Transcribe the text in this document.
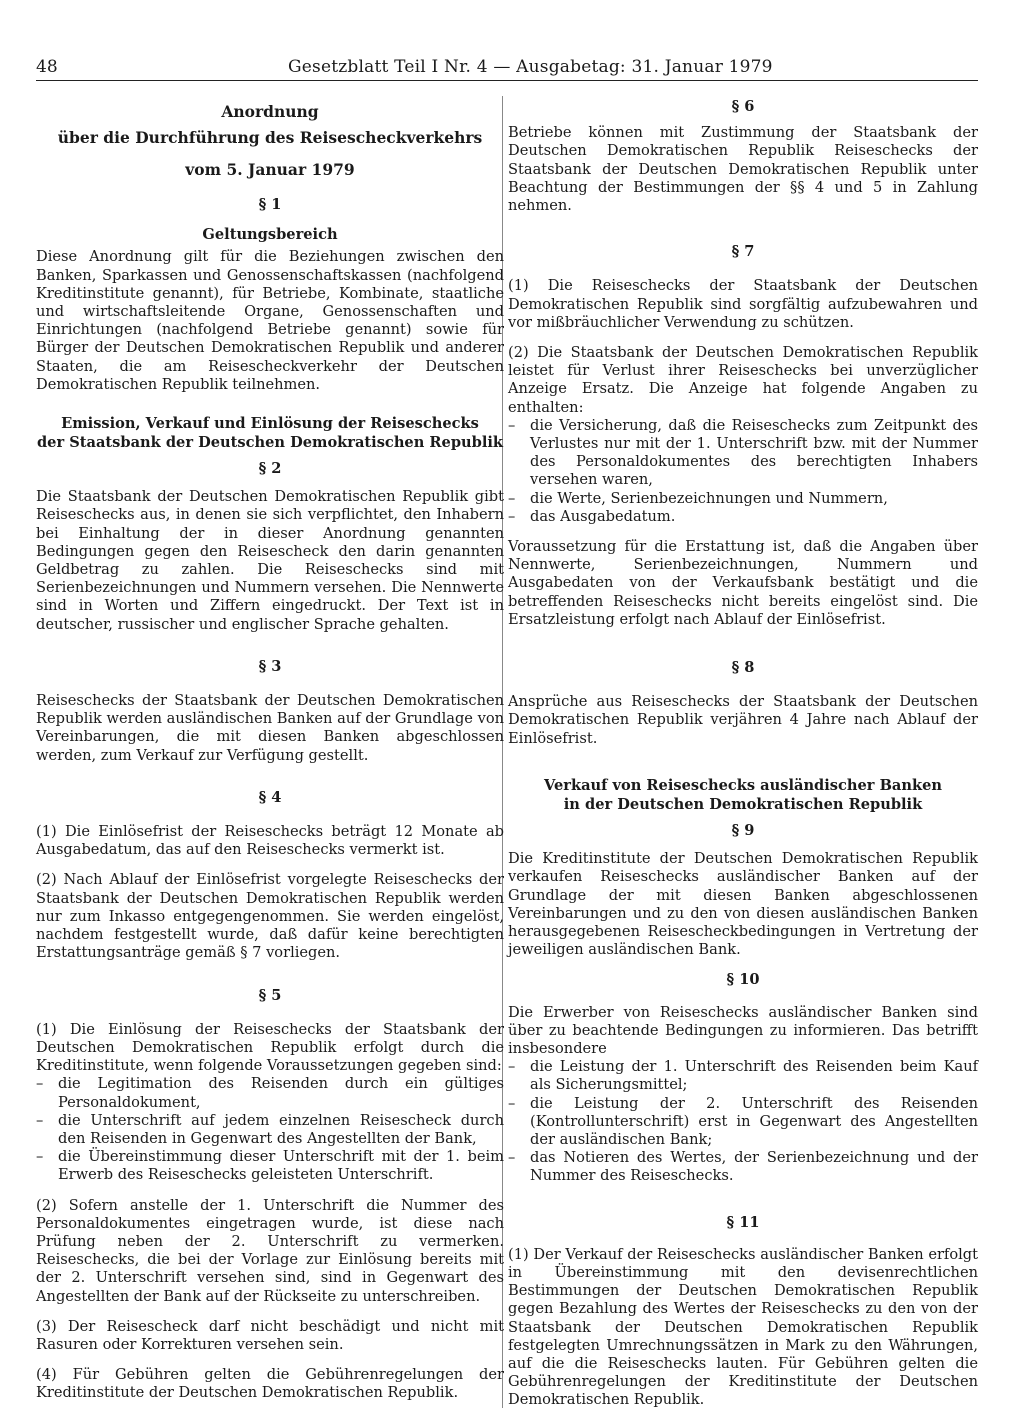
48	Gesetzblatt Teil I Nr. 4 — Ausgabetag: 31. Januar 1979
Anordnung
über die Durchführung des Reisescheckverkehrs
vom 5. Januar 1979
§ 1
Geltungsbereich

Diese Anordnung gilt für die Beziehungen zwischen den Banken, Sparkassen und Genossenschaftskassen (nachfolgend Kreditinstitute genannt), für Betriebe, Kombinate, staatliche und wirtschaftsleitende Organe, Genossenschaften und Einrichtungen (nachfolgend Betriebe genannt) sowie für Bürger der Deutschen Demokratischen Republik und anderer Staaten, die am Reisescheckverkehr der Deutschen Demokratischen Republik teilnehmen.

Emission, Verkauf und Einlösung der Reiseschecks
der Staatsbank der Deutschen Demokratischen Republik
§ 2

Die Staatsbank der Deutschen Demokratischen Republik gibt Reiseschecks aus, in denen sie sich verpflichtet, den Inhabern bei Einhaltung der in dieser Anordnung genannten Bedingungen gegen den Reisescheck den darin genannten Geldbetrag zu zahlen. Die Reiseschecks sind mit Serienbezeichnungen und Nummern versehen. Die Nennwerte sind in Worten und Ziffern eingedruckt. Der Text ist in deutscher, russischer und englischer Sprache gehalten.

§ 3

Reiseschecks der Staatsbank der Deutschen Demokratischen Republik werden ausländischen Banken auf der Grundlage von Vereinbarungen, die mit diesen Banken abgeschlossen werden, zum Verkauf zur Verfügung gestellt.

§ 4

(1) Die Einlösefrist der Reiseschecks beträgt 12 Monate ab Ausgabedatum, das auf den Reiseschecks vermerkt ist.

(2) Nach Ablauf der Einlösefrist vorgelegte Reiseschecks der Staatsbank der Deutschen Demokratischen Republik werden nur zum Inkasso entgegengenommen. Sie werden eingelöst, nachdem festgestellt wurde, daß dafür keine berechtigten Erstattungsanträge gemäß § 7 vorliegen.

§ 5

(1) Die Einlösung der Reiseschecks der Staatsbank der Deutschen Demokratischen Republik erfolgt durch die Kreditinstitute, wenn folgende Voraussetzungen gegeben sind:

– die Legitimation des Reisenden durch ein gültiges Personaldokument,
– die Unterschrift auf jedem einzelnen Reisescheck durch den Reisenden in Gegenwart des Angestellten der Bank,
– die Übereinstimmung dieser Unterschrift mit der 1. beim Erwerb des Reiseschecks geleisteten Unterschrift.

(2) Sofern anstelle der 1. Unterschrift die Nummer des Personaldokumentes eingetragen wurde, ist diese nach Prüfung neben der 2. Unterschrift zu vermerken. Reiseschecks, die bei der Vorlage zur Einlösung bereits mit der 2. Unterschrift versehen sind, sind in Gegenwart des Angestellten der Bank auf der Rückseite zu unterschreiben.

(3) Der Reisescheck darf nicht beschädigt und nicht mit Rasuren oder Korrekturen versehen sein.

(4) Für Gebühren gelten die Gebührenregelungen der Kreditinstitute der Deutschen Demokratischen Republik.

§ 6

Betriebe können mit Zustimmung der Staatsbank der Deutschen Demokratischen Republik Reiseschecks der Staatsbank der Deutschen Demokratischen Republik unter Beachtung der Bestimmungen der §§ 4 und 5 in Zahlung nehmen.

§ 7

(1) Die Reiseschecks der Staatsbank der Deutschen Demokratischen Republik sind sorgfältig aufzubewahren und vor mißbräuchlicher Verwendung zu schützen.

(2) Die Staatsbank der Deutschen Demokratischen Republik leistet für Verlust ihrer Reiseschecks bei unverzüglicher Anzeige Ersatz. Die Anzeige hat folgende Angaben zu enthalten:

– die Versicherung, daß die Reiseschecks zum Zeitpunkt des Verlustes nur mit der 1. Unterschrift bzw. mit der Nummer des Personaldokumentes des berechtigten Inhabers versehen waren,
– die Werte, Serienbezeichnungen und Nummern,
– das Ausgabedatum.

Voraussetzung für die Erstattung ist, daß die Angaben über Nennwerte, Serienbezeichnungen, Nummern und Ausgabedaten von der Verkaufsbank bestätigt und die betreffenden Reiseschecks nicht bereits eingelöst sind. Die Ersatzleistung erfolgt nach Ablauf der Einlösefrist.

§ 8

Ansprüche aus Reiseschecks der Staatsbank der Deutschen Demokratischen Republik verjähren 4 Jahre nach Ablauf der Einlösefrist.

Verkauf von Reiseschecks ausländischer Banken
in der Deutschen Demokratischen Republik
§ 9

Die Kreditinstitute der Deutschen Demokratischen Republik verkaufen Reiseschecks ausländischer Banken auf der Grundlage der mit diesen Banken abgeschlossenen Vereinbarungen und zu den von diesen ausländischen Banken herausgegebenen Reisescheckbedingungen in Vertretung der jeweiligen ausländischen Bank.

§ 10

Die Erwerber von Reiseschecks ausländischer Banken sind über zu beachtende Bedingungen zu informieren. Das betrifft insbesondere

– die Leistung der 1. Unterschrift des Reisenden beim Kauf als Sicherungsmittel;
– die Leistung der 2. Unterschrift des Reisenden (Kontrollunterschrift) erst in Gegenwart des Angestellten der ausländischen Bank;
– das Notieren des Wertes, der Serienbezeichnung und der Nummer des Reiseschecks.
§ 11

(1) Der Verkauf der Reiseschecks ausländischer Banken erfolgt in Übereinstimmung mit den devisenrechtlichen Bestimmungen der Deutschen Demokratischen Republik gegen Bezahlung des Wertes der Reiseschecks zu den von der Staatsbank der Deutschen Demokratischen Republik festgelegten Umrechnungssätzen in Mark zu den Währungen, auf die die Reiseschecks lauten. Für Gebühren gelten die Gebührenregelungen der Kreditinstitute der Deutschen Demokratischen Republik.
